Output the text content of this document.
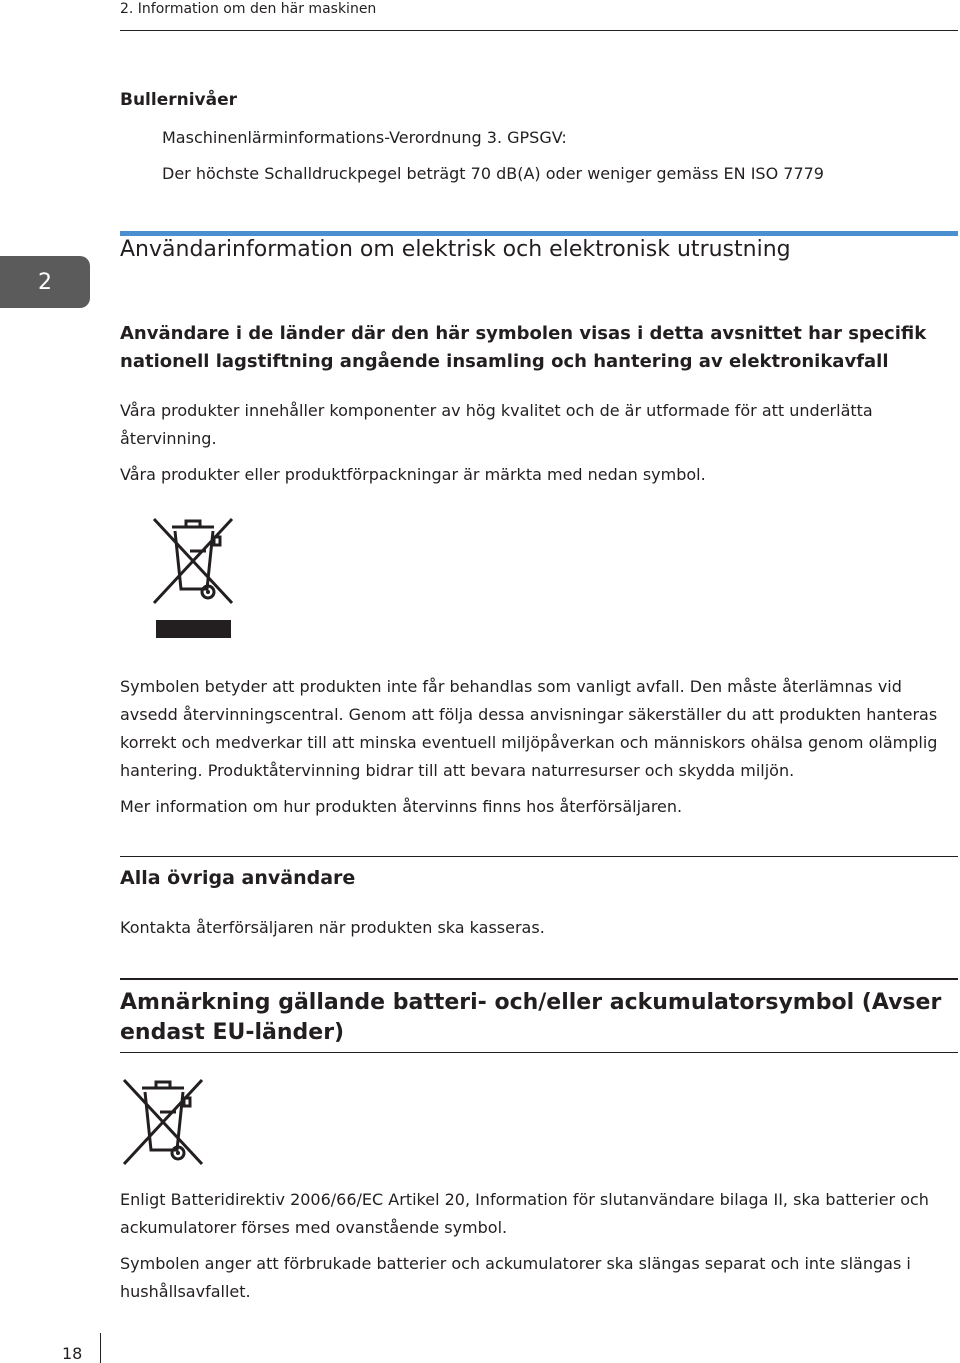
2. Information om den här maskinen
Bullernivåer
Maschinenlärminformations-Verordnung 3. GPSGV:
Der höchste Schalldruckpegel beträgt 70 dB(A) oder weniger gemäss EN ISO 7779
2
Användarinformation om elektrisk och elektronisk utrustning
Användare i de länder där den här symbolen visas i detta avsnittet har specifik nationell lagstiftning angående insamling och hantering av elektronikavfall
Våra produkter innehåller komponenter av hög kvalitet och de är utformade för att underlätta återvinning.
Våra produkter eller produktförpackningar är märkta med nedan symbol.
Symbolen betyder att produkten inte får behandlas som vanligt avfall. Den måste återlämnas vid avsedd återvinningscentral. Genom att följa dessa anvisningar säkerställer du att produkten hanteras korrekt och medverkar till att minska eventuell miljöpåverkan och människors ohälsa genom olämplig hantering. Produktåtervinning bidrar till att bevara naturresurser och skydda miljön.
Mer information om hur produkten återvinns finns hos återförsäljaren.
Alla övriga användare
Kontakta återförsäljaren när produkten ska kasseras.
Amnärkning gällande batteri- och/eller ackumulatorsymbol (Avser endast EU-länder)
Enligt Batteridirektiv 2006/66/EC Artikel 20, Information för slutanvändare bilaga II, ska batterier och ackumulatorer förses med ovanstående symbol.
Symbolen anger att förbrukade batterier och ackumulatorer ska slängas separat och inte slängas i hushållsavfallet.
18
